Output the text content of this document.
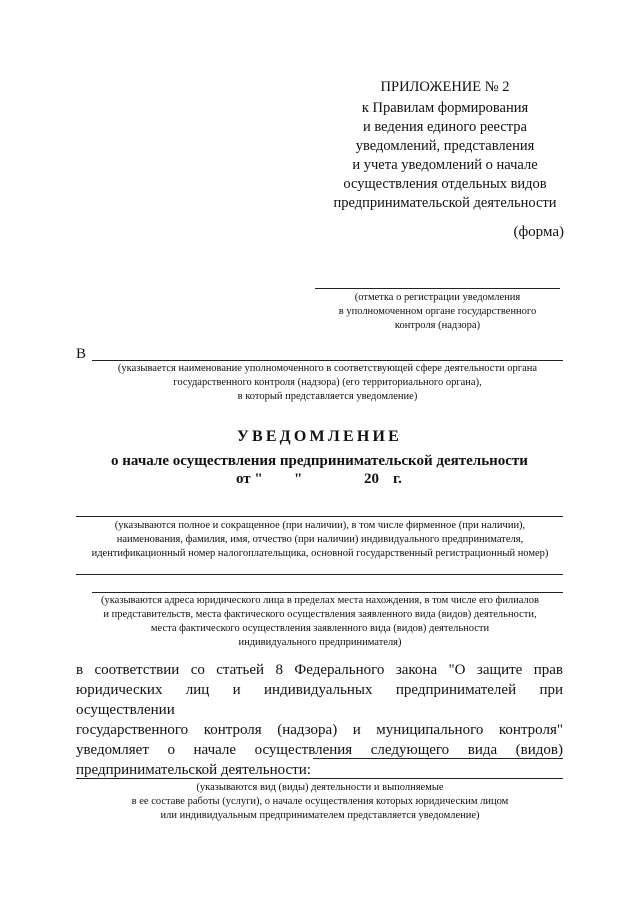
ПРИЛОЖЕНИЕ № 2
к Правилам формирования
и ведения единого реестра
уведомлений, представления
и учета уведомлений о начале
осуществления отдельных видов
предпринимательской деятельности
(форма)
(отметка о регистрации уведомления
в уполномоченном органе государственного
контроля (надзора)
В
(указывается наименование уполномоченного в соответствующей сфере деятельности органа
государственного контроля (надзора) (его территориального органа),
в который представляется уведомление)
УВЕДОМЛЕНИЕ
о начале осуществления предпринимательской деятельности
от " "	20 г.
(указываются полное и сокращенное (при наличии), в том числе фирменное (при наличии),
наименования, фамилия, имя, отчество (при наличии) индивидуального предпринимателя,
идентификационный номер налогоплательщика, основной государственный регистрационный номер)
(указываются адреса юридического лица в пределах места нахождения, в том числе его филиалов
и представительств, места фактического осуществления заявленного вида (видов) деятельности,
места фактического осуществления заявленного вида (видов) деятельности
индивидуального предпринимателя)
в соответствии со статьей 8 Федерального закона "О защите прав
юридических лиц и индивидуальных предпринимателей при осуществлении
государственного контроля (надзора) и муниципального контроля"
уведомляет о начале осуществления следующего вида (видов)
предпринимательской деятельности:
(указываются вид (виды) деятельности и выполняемые
в ее составе работы (услуги), о начале осуществления которых юридическим лицом
или индивидуальным предпринимателем представляется уведомление)
